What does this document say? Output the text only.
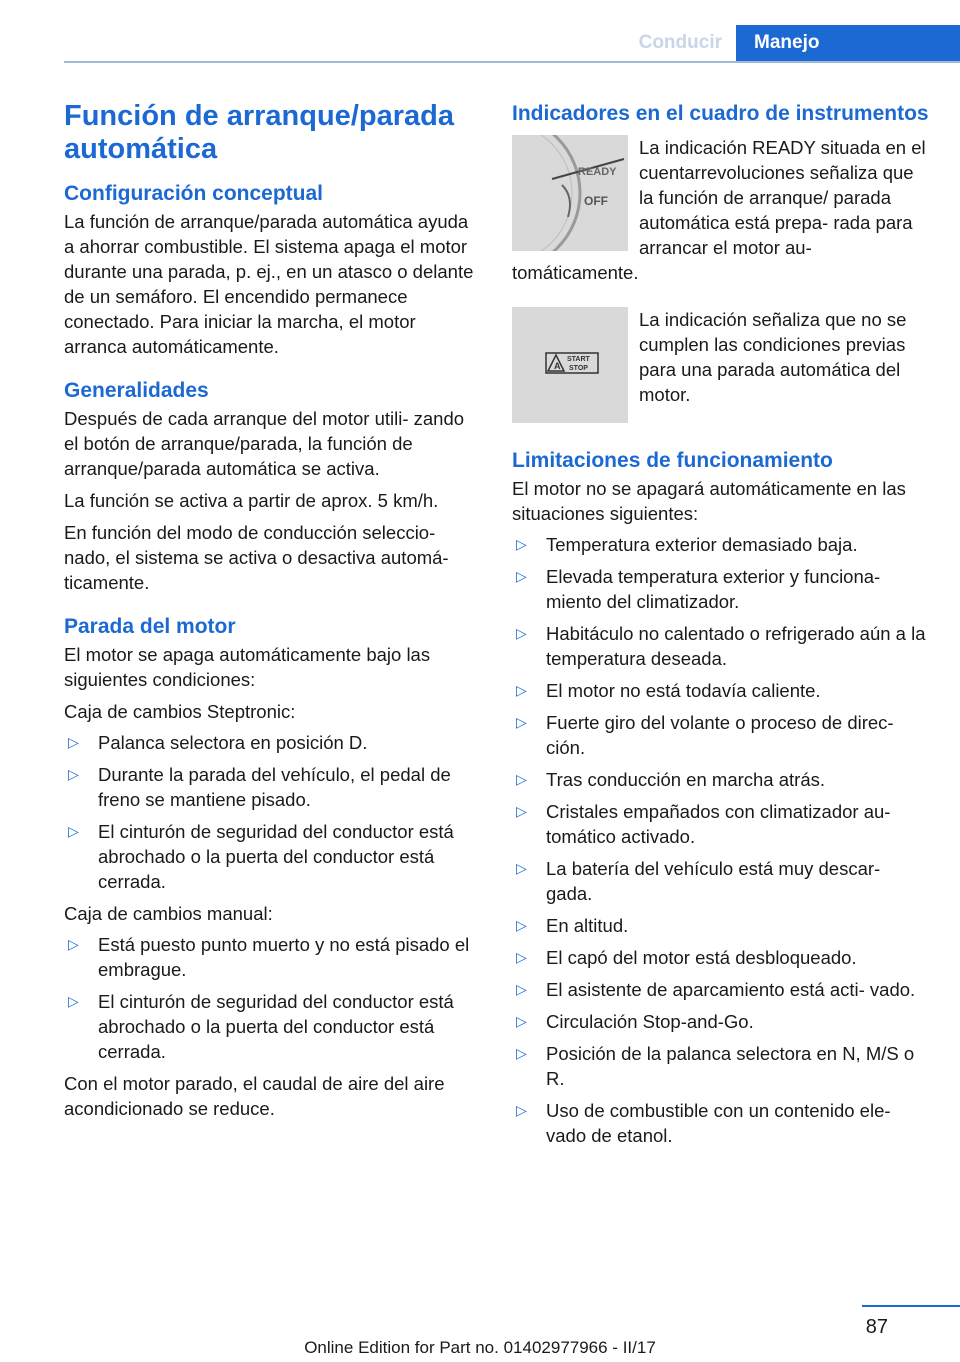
Conducir	Manejo
Función de arranque/parada automática
Configuración conceptual

La función de arranque/parada automática ayuda a ahorrar combustible. El sistema apaga el motor durante una parada, p. ej., en un atasco o delante de un semáforo. El encendido permanece conectado. Para iniciar la marcha, el motor arranca automáticamente.

Generalidades

Después de cada arranque del motor utili‐ zando el botón de arranque/parada, la función de arranque/parada automática se activa.

La función se activa a partir de aprox. 5 km/h.

En función del modo de conducción seleccio‐ nado, el sistema se activa o desactiva automá‐ ticamente.

Parada del motor

El motor se apaga automáticamente bajo las siguientes condiciones:

Caja de cambios Steptronic:

▷ Palanca selectora en posición D.
▷ Durante la parada del vehículo, el pedal de freno se mantiene pisado.
▷ El cinturón de seguridad del conductor está abrochado o la puerta del conductor está cerrada.

Caja de cambios manual:

▷ Está puesto punto muerto y no está pisado el embrague.
▷ El cinturón de seguridad del conductor está abrochado o la puerta del conductor está cerrada.

Con el motor parado, el caudal de aire del aire acondicionado se reduce.

Indicadores en el cuadro de instrumentos
READY
OFF

La indicación READY situada en el cuentarrevoluciones señaliza que la función de arranque/ parada automática está prepa‐ rada para arrancar el motor au‐ tomáticamente.

A
START
STOP

La indicación señaliza que no se cumplen las condiciones previas para una parada automática del motor.

Limitaciones de funcionamiento

El motor no se apagará automáticamente en las situaciones siguientes:

▷ Temperatura exterior demasiado baja.
▷ Elevada temperatura exterior y funciona‐ miento del climatizador.
▷ Habitáculo no calentado o refrigerado aún a la temperatura deseada.
▷ El motor no está todavía caliente.
▷ Fuerte giro del volante o proceso de direc‐ ción.
▷ Tras conducción en marcha atrás.
▷ Cristales empañados con climatizador au‐ tomático activado.
▷ La batería del vehículo está muy descar‐ gada.
▷ En altitud.
▷ El capó del motor está desbloqueado.
▷ El asistente de aparcamiento está acti‐ vado.
▷ Circulación Stop-and-Go.
▷ Posición de la palanca selectora en N, M/S o R.
▷ Uso de combustible con un contenido ele‐ vado de etanol.
87
Online Edition for Part no. 01402977966 - II/17
